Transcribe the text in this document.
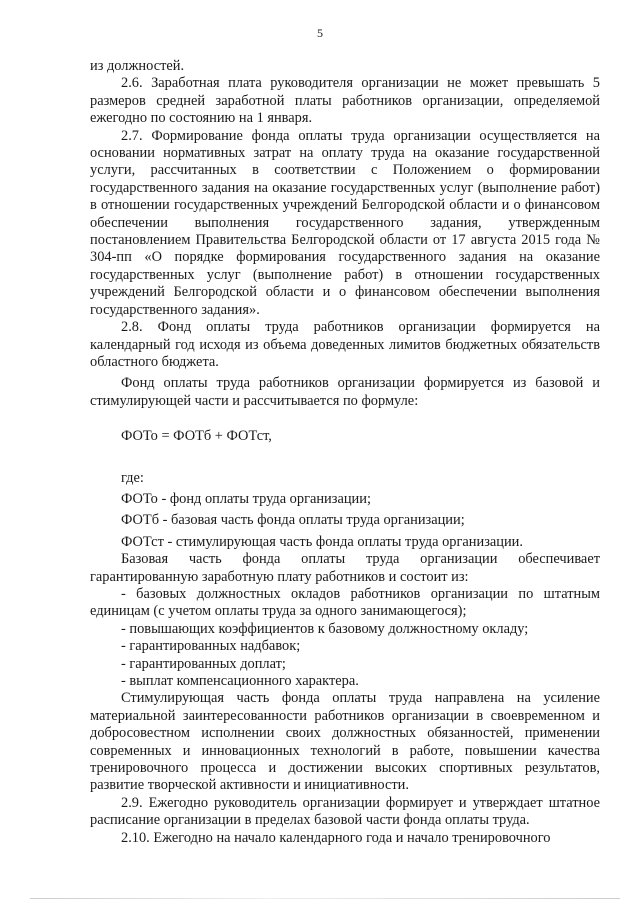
5

из должностей.

2.6. Заработная плата руководителя организации не может превышать 5 размеров средней заработной платы работников организации, определяемой ежегодно по состоянию на 1 января.

2.7. Формирование фонда оплаты труда организации осуществляется на основании нормативных затрат на оплату труда на оказание государственной услуги, рассчитанных в соответствии с Положением о формировании государственного задания на оказание государственных услуг (выполнение работ) в отношении государственных учреждений Белгородской области и о финансовом обеспечении выполнения государственного задания, утвержденным постановлением Правительства Белгородской области от 17 августа 2015 года № 304-пп «О порядке формирования государственного задания на оказание государственных услуг (выполнение работ) в отношении государственных учреждений Белгородской области и о финансовом обеспечении выполнения государственного задания».

2.8. Фонд оплаты труда работников организации формируется на календарный год исходя из объема доведенных лимитов бюджетных обязательств областного бюджета.

Фонд оплаты труда работников организации формируется из базовой и стимулирующей части и рассчитывается по формуле:

ФОТо = ФОТб + ФОТст,

где:

ФОТо - фонд оплаты труда организации;

ФОТб - базовая часть фонда оплаты труда организации;

ФОТст - стимулирующая часть фонда оплаты труда организации.

Базовая часть фонда оплаты труда организации обеспечивает гарантированную заработную плату работников и состоит из:

- базовых должностных окладов работников организации по штатным единицам (с учетом оплаты труда за одного занимающегося);

- повышающих коэффициентов к базовому должностному окладу;

- гарантированных надбавок;

- гарантированных доплат;

- выплат компенсационного характера.

Стимулирующая часть фонда оплаты труда направлена на усиление материальной заинтересованности работников организации в своевременном и добросовестном исполнении своих должностных обязанностей, применении современных и инновационных технологий в работе, повышении качества тренировочного процесса и достижении высоких спортивных результатов, развитие творческой активности и инициативности.

2.9. Ежегодно руководитель организации формирует и утверждает штатное расписание организации в пределах базовой части фонда оплаты труда.

2.10. Ежегодно на начало календарного года и начало тренировочного
